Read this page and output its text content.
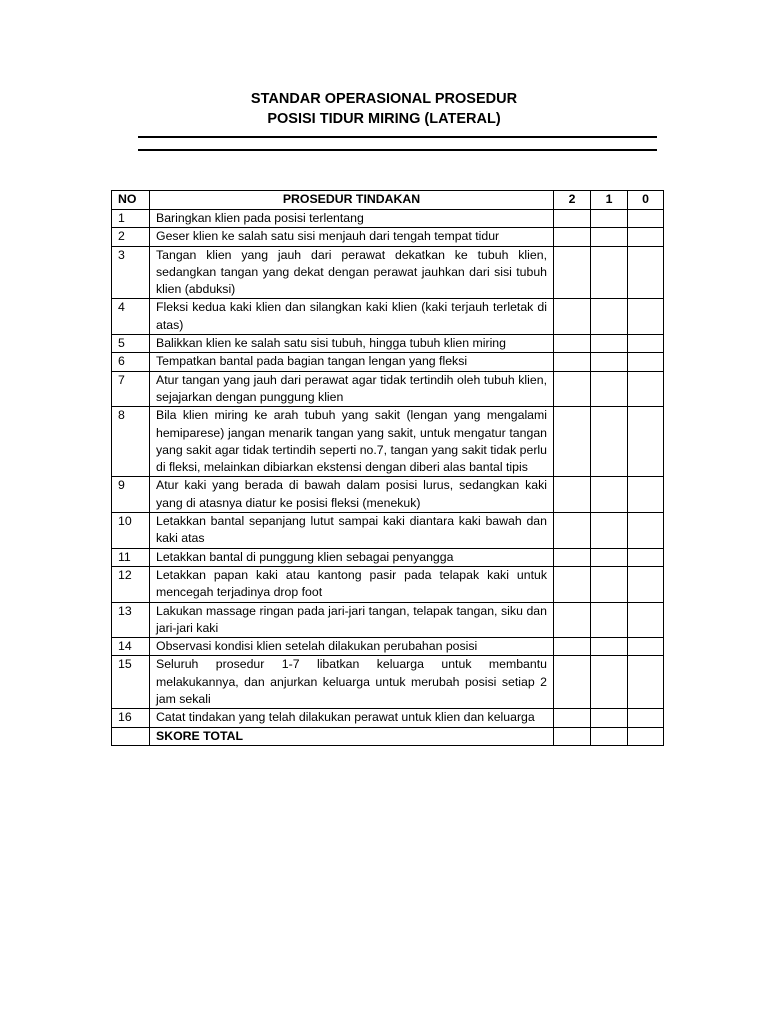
STANDAR OPERASIONAL PROSEDUR
POSISI TIDUR MIRING (LATERAL)
NO	PROSEDUR TINDAKAN	2	1	0
1	Baringkan klien pada posisi terlentang			
2	Geser klien ke salah satu sisi menjauh dari tengah tempat tidur			
3	Tangan klien yang jauh dari perawat dekatkan ke tubuh klien, sedangkan tangan yang dekat dengan perawat jauhkan dari sisi tubuh klien (abduksi)			
4	Fleksi kedua kaki klien dan silangkan kaki klien (kaki terjauh terletak di atas)			
5	Balikkan klien ke salah satu sisi tubuh, hingga tubuh klien miring			
6	Tempatkan bantal pada bagian tangan lengan yang fleksi			
7	Atur tangan yang jauh dari perawat agar tidak tertindih oleh tubuh klien, sejajarkan dengan punggung klien			
8	Bila klien miring ke arah tubuh yang sakit (lengan yang mengalami hemiparese) jangan menarik tangan yang sakit, untuk mengatur tangan yang sakit agar tidak tertindih seperti no.7, tangan yang sakit tidak perlu di fleksi, melainkan dibiarkan ekstensi dengan diberi alas bantal tipis			
9	Atur kaki yang berada di bawah dalam posisi lurus, sedangkan kaki yang di atasnya diatur ke posisi fleksi (menekuk)			
10	Letakkan bantal sepanjang lutut sampai kaki diantara kaki bawah dan kaki atas			
11	Letakkan bantal di punggung klien sebagai penyangga			
12	Letakkan papan kaki atau kantong pasir pada telapak kaki untuk mencegah terjadinya drop foot			
13	Lakukan massage ringan pada jari-jari tangan, telapak tangan, siku dan jari-jari kaki			
14	Observasi kondisi klien setelah dilakukan perubahan posisi			
15	Seluruh prosedur 1-7 libatkan keluarga untuk membantu melakukannya, dan anjurkan keluarga untuk merubah posisi setiap 2 jam sekali			
16	Catat tindakan yang telah dilakukan perawat untuk klien dan keluarga			
	SKORE TOTAL			
